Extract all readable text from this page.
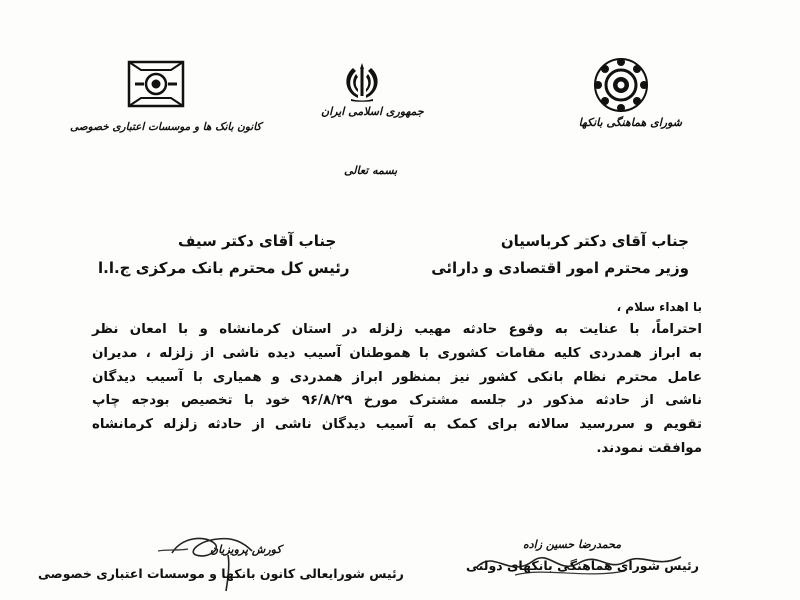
شورای هماهنگی بانکها
جمهوری اسلامی ایران
کانون بانک ها و موسسات اعتباری خصوصی
بسمه تعالی
جناب آقای دکتر کرباسیان
وزیر محترم امور اقتصادی و دارائی
جناب آقای دکتر سیف
رئیس کل محترم بانک مرکزی ج.ا.ا
با اهداء سلام ،
احتراماً، با عنایت به وقوع حادثه مهیب زلزله در استان کرمانشاه و با امعان نظر
به ابراز همدردی کلیه مقامات کشوری با هموطنان آسیب دیده ناشی از زلزله ، مدیران
عامل محترم نظام بانکی کشور نیز بمنظور ابراز همدردی و همیاری با آسیب دیدگان
ناشی از حادثه مذکور در جلسه مشترک مورخ ۹۶/۸/۲۹ خود با تخصیص بودجه چاپ
تقویم و سررسید سالانه برای کمک به آسیب دیدگان ناشی از حادثه زلزله کرمانشاه
موافقت نمودند.
محمدرضا حسین زاده
رئیس شورای هماهنگی بانکهای دولتی
کورش پرویزیان
رئیس شورایعالی کانون بانکها و موسسات اعتباری خصوصی
